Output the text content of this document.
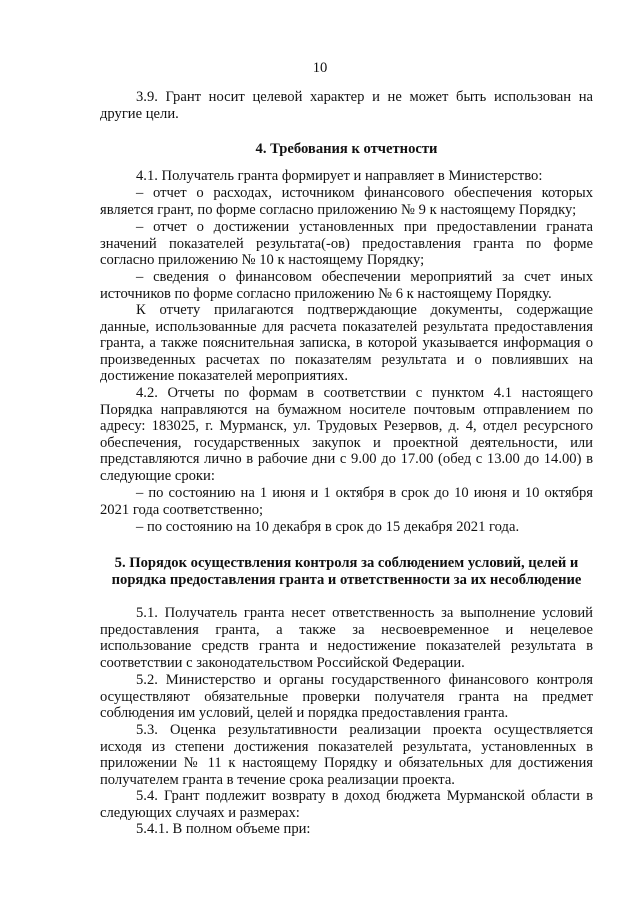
10
3.9. Грант носит целевой характер и не может быть использован на другие цели.
4. Требования к отчетности
4.1. Получатель гранта формирует и направляет в Министерство:
– отчет о расходах, источником финансового обеспечения которых является грант, по форме согласно приложению № 9 к настоящему Порядку;
– отчет о достижении установленных при предоставлении граната значений показателей результата(-ов) предоставления гранта по форме согласно приложению № 10 к настоящему Порядку;
– сведения о финансовом обеспечении мероприятий за счет иных источников по форме согласно приложению № 6 к настоящему Порядку.
К отчету прилагаются подтверждающие документы, содержащие данные, использованные для расчета показателей результата предоставления гранта, а также пояснительная записка, в которой указывается информация о произведенных расчетах по показателям результата и о повлиявших на достижение показателей мероприятиях.
4.2. Отчеты по формам в соответствии с пунктом 4.1 настоящего Порядка направляются на бумажном носителе почтовым отправлением по адресу: 183025, г. Мурманск, ул. Трудовых Резервов, д. 4, отдел ресурсного обеспечения, государственных закупок и проектной деятельности, или представляются лично в рабочие дни с 9.00 до 17.00 (обед с 13.00 до 14.00) в следующие сроки:
– по состоянию на 1 июня и 1 октября в срок до 10 июня и 10 октября 2021 года соответственно;
– по состоянию на 10 декабря в срок до 15 декабря 2021 года.
5. Порядок осуществления контроля за соблюдением условий, целей и порядка предоставления гранта и ответственности за их несоблюдение
5.1. Получатель гранта несет ответственность за выполнение условий предоставления гранта, а также за несвоевременное и нецелевое использование средств гранта и недостижение показателей результата в соответствии с законодательством Российской Федерации.
5.2. Министерство и органы государственного финансового контроля осуществляют обязательные проверки получателя гранта на предмет соблюдения им условий, целей и порядка предоставления гранта.
5.3. Оценка результативности реализации проекта осуществляется исходя из степени достижения показателей результата, установленных в приложении № 11 к настоящему Порядку и обязательных для достижения получателем гранта в течение срока реализации проекта.
5.4. Грант подлежит возврату в доход бюджета Мурманской области в следующих случаях и размерах:
5.4.1. В полном объеме при:
